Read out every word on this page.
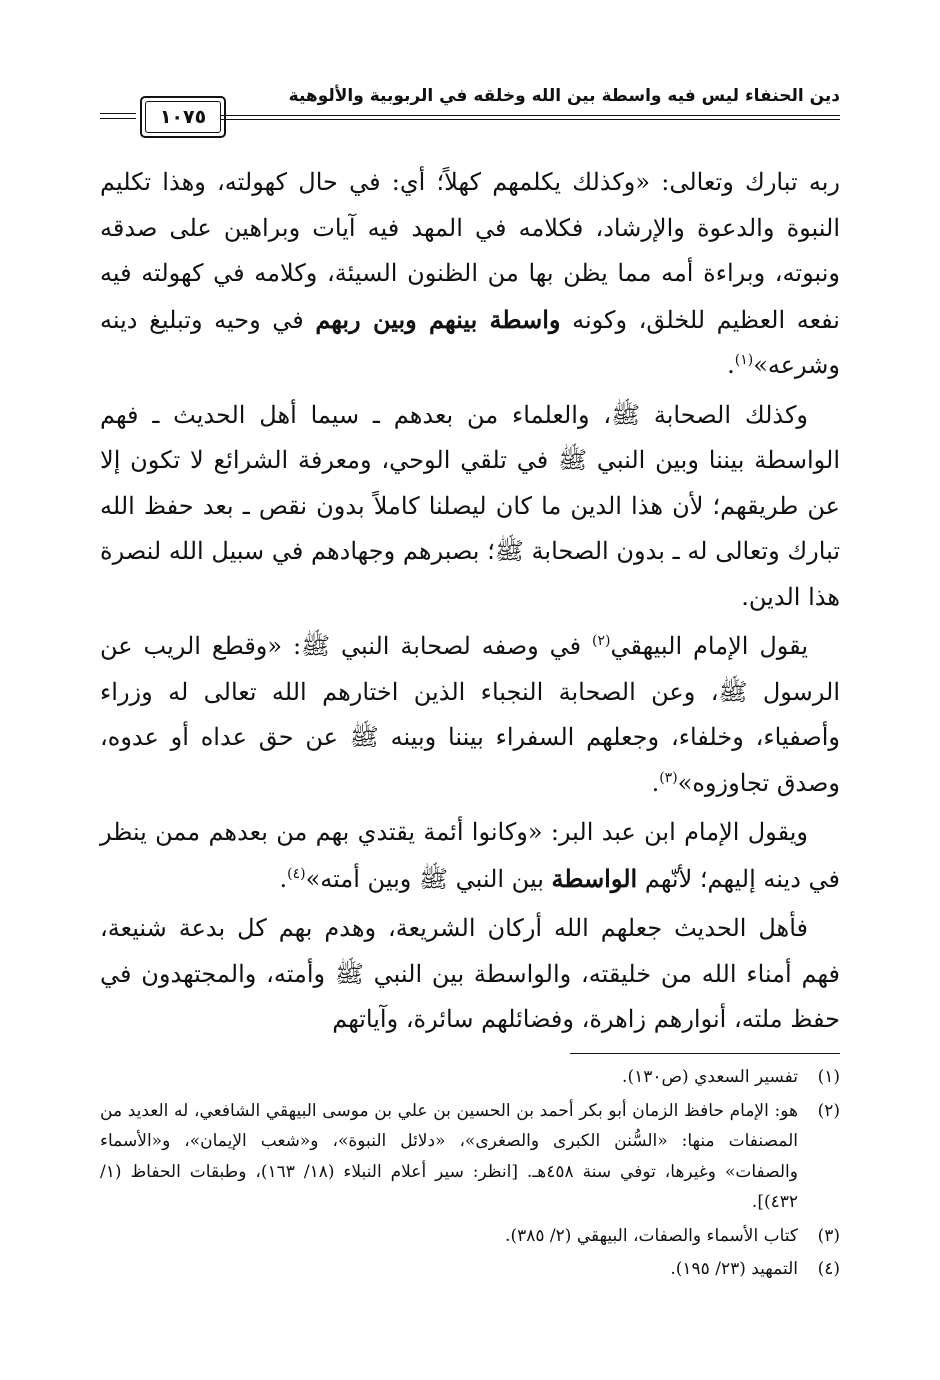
دين الحنفاء ليس فيه واسطة بين الله وخلقه في الربوبية والألوهية
١٠٧٥

ربه تبارك وتعالى: «وكذلك يكلمهم كهلاً؛ أي: في حال كهولته، وهذا تكليم النبوة والدعوة والإرشاد، فكلامه في المهد فيه آيات وبراهين على صدقه ونبوته، وبراءة أمه مما يظن بها من الظنون السيئة، وكلامه في كهولته فيه نفعه العظيم للخلق، وكونه واسطة بينهم وبين ربهم في وحيه وتبليغ دينه وشرعه»$^{(١)}$.

وكذلك الصحابة ﷺ، والعلماء من بعدهم ـ سيما أهل الحديث ـ فهم الواسطة بيننا وبين النبي ﷺ في تلقي الوحي، ومعرفة الشرائع لا تكون إلا عن طريقهم؛ لأن هذا الدين ما كان ليصلنا كاملاً بدون نقص ـ بعد حفظ الله تبارك وتعالى له ـ بدون الصحابة ﷺ؛ بصبرهم وجهادهم في سبيل الله لنصرة هذا الدين.

يقول الإمام البيهقي$^{(٢)}$ في وصفه لصحابة النبي ﷺ: «وقطع الريب عن الرسول ﷺ، وعن الصحابة النجباء الذين اختارهم الله تعالى له وزراء وأصفياء، وخلفاء، وجعلهم السفراء بيننا وبينه ﷺ عن حق عداه أو عدوه، وصدق تجاوزوه»$^{(٣)}$.

ويقول الإمام ابن عبد البر: «وكانوا أئمة يقتدي بهم من بعدهم ممن ينظر في دينه إليهم؛ لأنّهم الواسطة بين النبي ﷺ وبين أمته»$^{(٤)}$.

فأهل الحديث جعلهم الله أركان الشريعة، وهدم بهم كل بدعة شنيعة، فهم أمناء الله من خليقته، والواسطة بين النبي ﷺ وأمته، والمجتهدون في حفظ ملته، أنوارهم زاهرة، وفضائلهم سائرة، وآياتهم

(١)
تفسير السعدي (ص١٣٠).
(٢)
هو: الإمام حافظ الزمان أبو بكر أحمد بن الحسين بن علي بن موسى البيهقي الشافعي، له العديد من المصنفات منها: «السُّنن الكبرى والصغرى»، «دلائل النبوة»، و«شعب الإيمان»، و«الأسماء والصفات» وغيرها، توفي سنة ٤٥٨هـ. [انظر: سير أعلام النبلاء (١٨/ ١٦٣)، وطبقات الحفاظ (١/ ٤٣٢)].
(٣)
كتاب الأسماء والصفات، البيهقي (٢/ ٣٨٥).
(٤)
التمهيد (٢٣/ ١٩٥).
